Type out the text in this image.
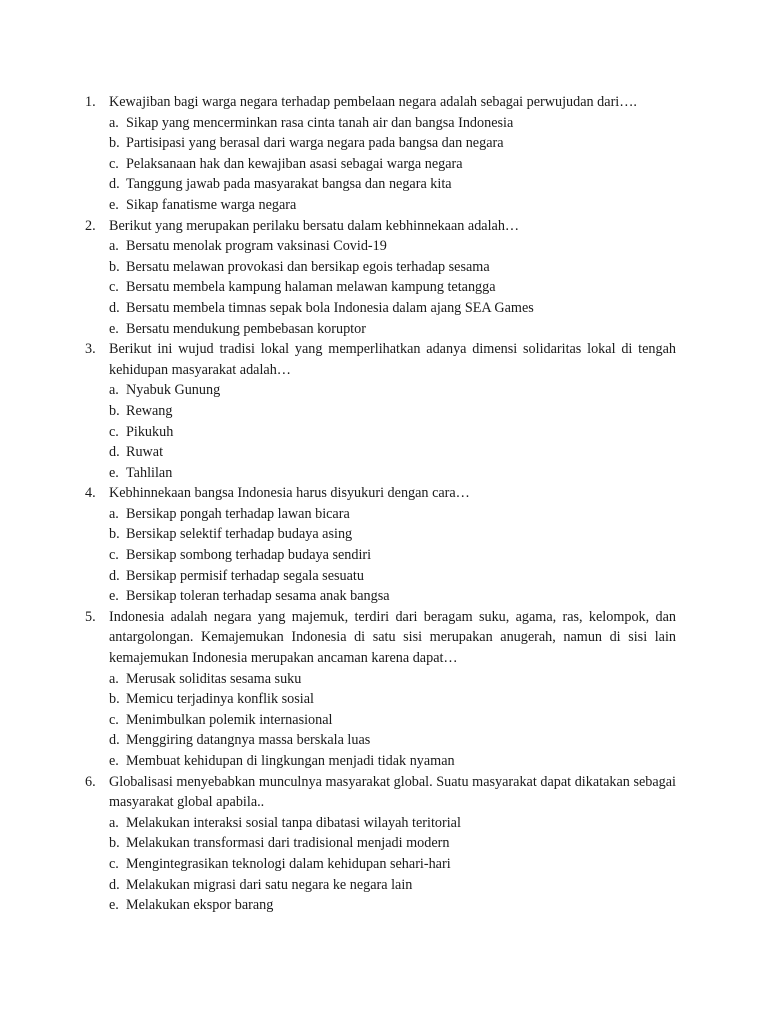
1. Kewajiban bagi warga negara terhadap pembelaan negara adalah sebagai perwujudan dari….
a. Sikap yang mencerminkan rasa cinta tanah air dan bangsa Indonesia
b. Partisipasi yang berasal dari warga negara pada bangsa dan negara
c. Pelaksanaan hak dan kewajiban asasi sebagai warga negara
d. Tanggung jawab pada masyarakat bangsa dan negara kita
e. Sikap fanatisme warga negara
2. Berikut yang merupakan perilaku bersatu dalam kebhinnekaan adalah…
a. Bersatu menolak program vaksinasi Covid-19
b. Bersatu melawan provokasi dan bersikap egois terhadap sesama
c. Bersatu membela kampung halaman melawan kampung tetangga
d. Bersatu membela timnas sepak bola Indonesia dalam ajang SEA Games
e. Bersatu mendukung pembebasan koruptor
3. Berikut ini wujud tradisi lokal yang memperlihatkan adanya dimensi solidaritas lokal di tengah kehidupan masyarakat adalah…
a. Nyabuk Gunung
b. Rewang
c. Pikukuh
d. Ruwat
e. Tahlilan
4. Kebhinnekaan bangsa Indonesia harus disyukuri dengan cara…
a. Bersikap pongah terhadap lawan bicara
b. Bersikap selektif terhadap budaya asing
c. Bersikap sombong terhadap budaya sendiri
d. Bersikap permisif terhadap segala sesuatu
e. Bersikap toleran terhadap sesama anak bangsa
5. Indonesia adalah negara yang majemuk, terdiri dari beragam suku, agama, ras, kelompok, dan antargolongan. Kemajemukan Indonesia di satu sisi merupakan anugerah, namun di sisi lain kemajemukan Indonesia merupakan ancaman karena dapat…
a. Merusak soliditas sesama suku
b. Memicu terjadinya konflik sosial
c. Menimbulkan polemik internasional
d. Menggiring datangnya massa berskala luas
e. Membuat kehidupan di lingkungan menjadi tidak nyaman
6. Globalisasi menyebabkan munculnya masyarakat global. Suatu masyarakat dapat dikatakan sebagai masyarakat global apabila..
a. Melakukan interaksi sosial tanpa dibatasi wilayah teritorial
b. Melakukan transformasi dari tradisional menjadi modern
c. Mengintegrasikan teknologi dalam kehidupan sehari-hari
d. Melakukan migrasi dari satu negara ke negara lain
e. Melakukan ekspor barang
